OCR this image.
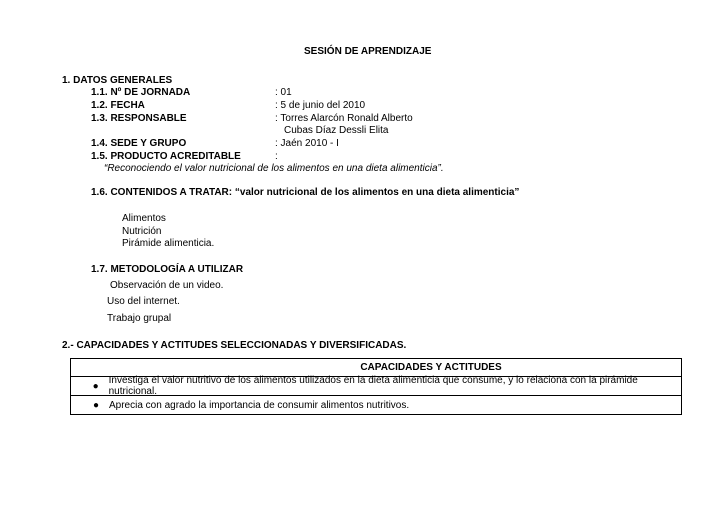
SESIÓN DE APRENDIZAJE
1. DATOS GENERALES
1.1. Nº DE JORNADA	: 01
1.2. FECHA	: 5 de junio del 2010
1.3. RESPONSABLE	: Torres Alarcón Ronald Alberto
Cubas Díaz Dessli Elita
1.4. SEDE Y GRUPO	: Jaén 2010 - I
1.5. PRODUCTO ACREDITABLE	:
“Reconociendo el valor nutricional de los alimentos en una dieta alimenticia”.
1.6. CONTENIDOS A TRATAR: “valor nutricional de los alimentos en una dieta alimenticia”
Alimentos
Nutrición
Pirámide alimenticia.
1.7. METODOLOGÍA A UTILIZAR
Observación de un video.
Uso del internet.
Trabajo grupal
2.- CAPACIDADES Y ACTITUDES SELECCIONADAS Y DIVERSIFICADAS.
CAPACIDADES Y ACTITUDES

●	Investiga el valor nutritivo de los alimentos utilizados en la dieta alimenticia que consume, y lo relaciona con la pirámide nutricional.

●	Aprecia con agrado la importancia de consumir alimentos nutritivos.
